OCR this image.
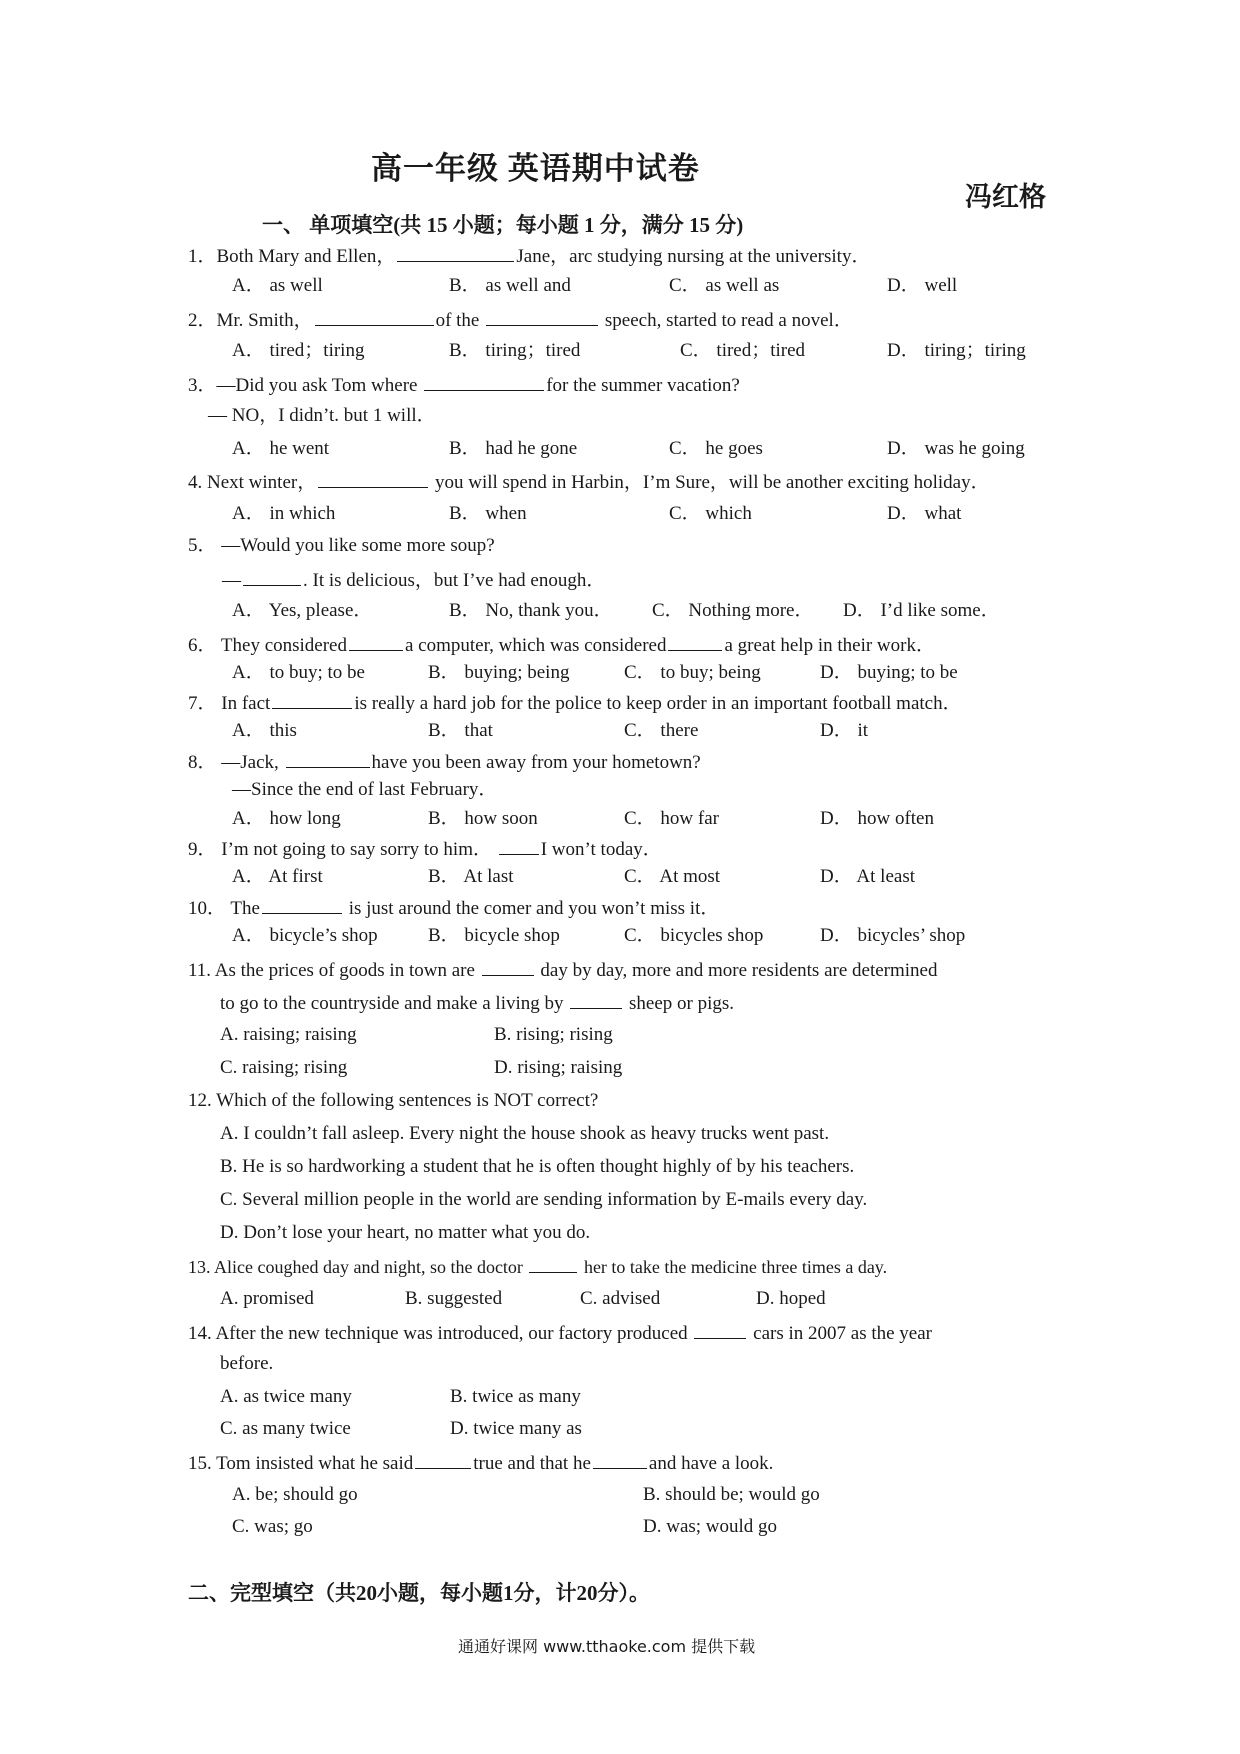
高一年级 英语期中试卷
冯红格
一、 单项填空(共 15 小题；每小题 1 分，满分 15 分)
1．Both Mary and Ellen，	Jane，arc studying nursing at the university．
A． as well	B． as well and	C． as well as	D． well
2．Mr. Smith，	of the	speech, started to read a novel．
A． tired；tiring	B． tiring；tired	C． tired；tired	D． tiring；tiring
3．—Did you ask Tom where	for the summer vacation?
— NO，I didn’t. but 1 will．
A． he went	B． had he gone	C． he goes	D． was he going
4. Next winter，	you will spend in Harbin，I’m Sure，will be another exciting holiday．
A． in which	B． when	C． which	D． what
5． —Would you like some more soup?
—	. It is delicious，but I’ve had enough．
A． Yes, please．	B． No, thank you． C． Nothing more． D． I’d like some．
6． They considered	a computer, which was considered	a great help in their work．
A． to buy; to be	B． buying; being	C． to buy; being	D． buying; to be
7． In fact	is really a hard job for the police to keep order in an important football match．
A． this	B． that	C． there	D． it
8． —Jack,	have you been away from your hometown?
—Since the end of last February．
A． how long	B． how soon	C． how far	D． how often
9． I’m not going to say sorry to him．	I won’t today．
A． At first	B． At last	C． At most	D． At least
10． The	is just around the comer and you won’t miss it．
A． bicycle’s shop	B． bicycle shop	C． bicycles shop	D． bicycles’ shop
11. As the prices of goods in town are	day by day, more and more residents are determined
to go to the countryside and make a living by	sheep or pigs.
A. raising; raising	B. rising; rising
C. raising; rising	D. rising; raising
12. Which of the following sentences is NOT correct?
A. I couldn’t fall asleep. Every night the house shook as heavy trucks went past.
B. He is so hardworking a student that he is often thought highly of by his teachers.
C. Several million people in the world are sending information by E-mails every day.
D. Don’t lose your heart, no matter what you do.
13. Alice coughed day and night, so the doctor	her to take the medicine three times a day.
A. promised	B. suggested	C. advised	D. hoped
14. After the new technique was introduced, our factory produced	cars in 2007 as the year
before.
A. as twice many	B. twice as many
C. as many twice	D. twice many as
15. Tom insisted what he said	true and that he	and have a look.
A. be; should go	B. should be; would go
C. was; go	D. was; would go
二、完型填空（共20小题，每小题1分，计20分）。
通通好课网 www.tthaoke.com 提供下载
